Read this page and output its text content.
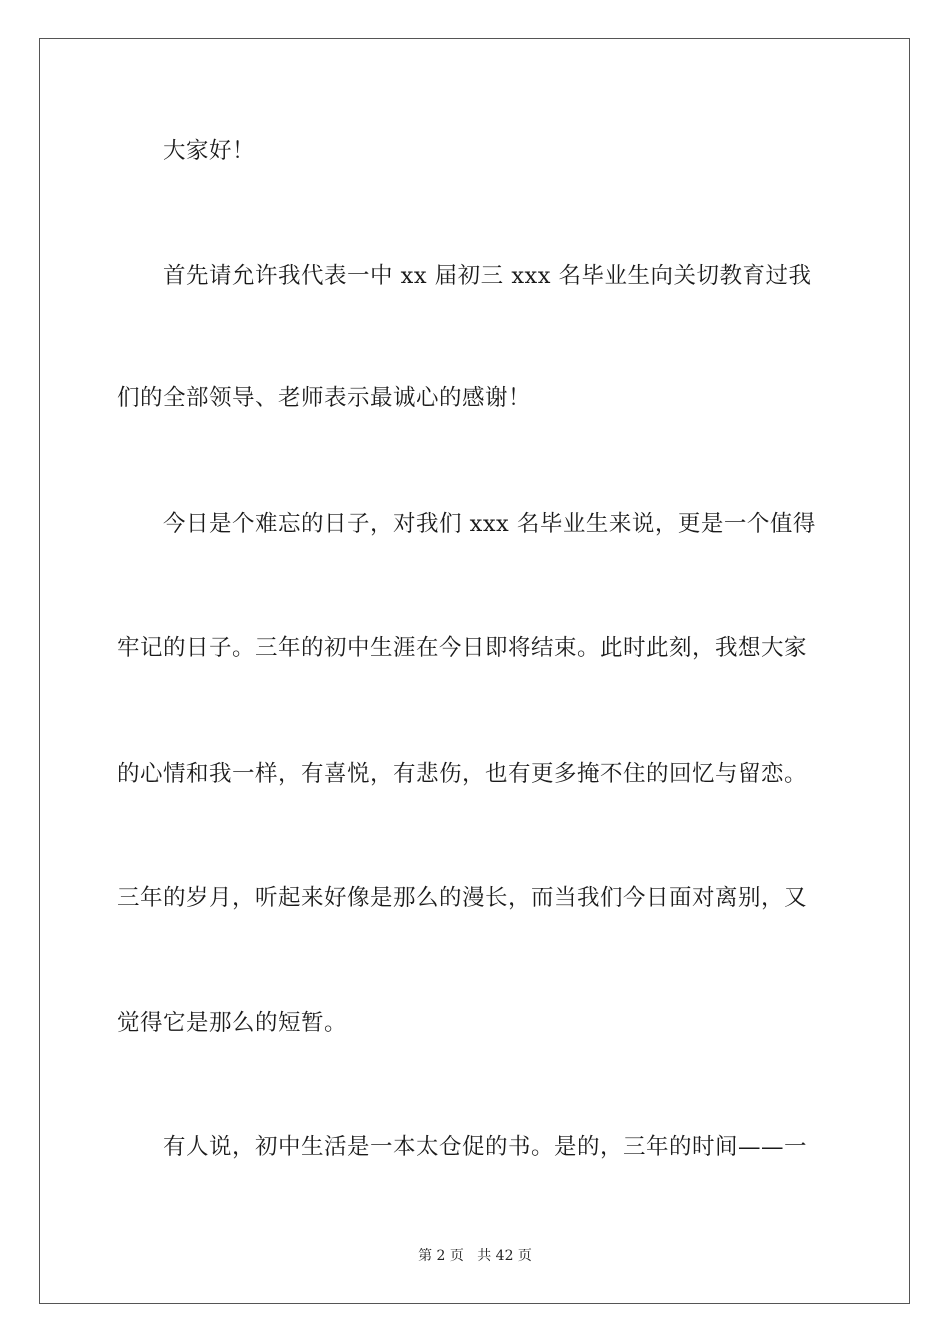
大家好！
首先请允许我代表一中 xx 届初三 xxx 名毕业生向关切教育过我
们的全部领导、老师表示最诚心的感谢！
今日是个难忘的日子，对我们 xxx 名毕业生来说，更是一个值得
牢记的日子。三年的初中生涯在今日即将结束。此时此刻，我想大家
的心情和我一样，有喜悦，有悲伤，也有更多掩不住的回忆与留恋。
三年的岁月，听起来好像是那么的漫长，而当我们今日面对离别，又
觉得它是那么的短暂。
有人说，初中生活是一本太仓促的书。是的，三年的时间——一
第 2 页   共 42 页
